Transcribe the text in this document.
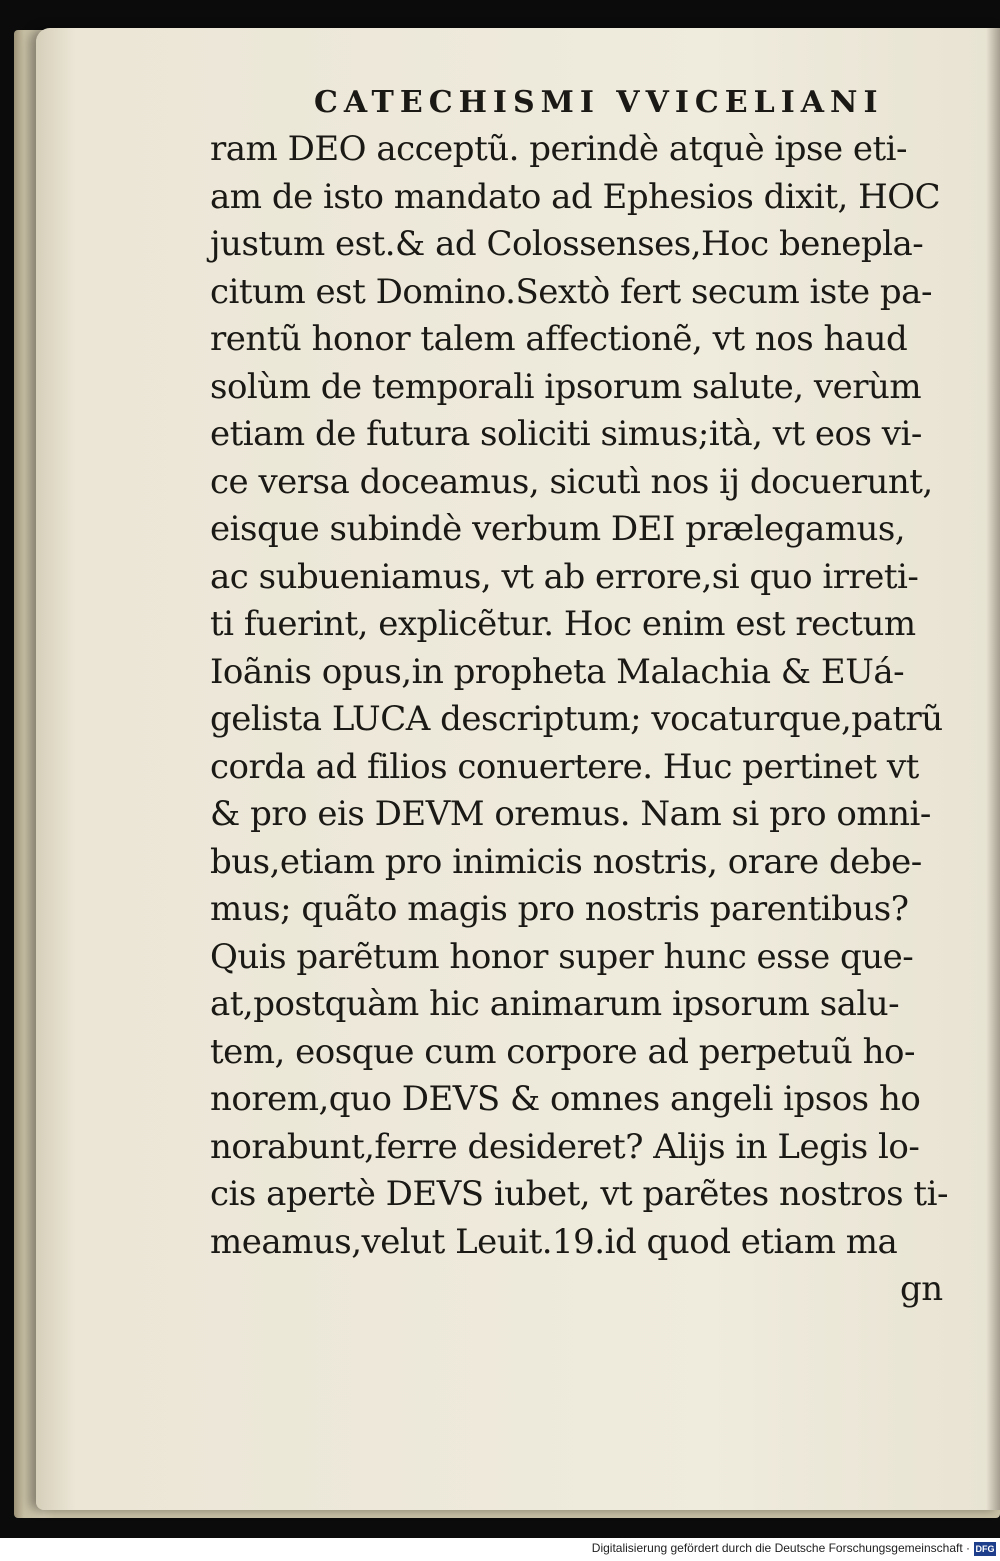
CATECHISMI VVICELIANI
ram DEO acceptũ. perindè atquè ipse eti-
am de isto mandato ad Ephesios dixit, HOC
justum est.& ad Colossenses,Hoc benepla-
citum est Domino.Sextò fert secum iste pa-
rentũ honor talem affectionẽ, vt nos haud
solùm de temporali ipsorum salute, verùm
etiam de futura soliciti simus;ità, vt eos vi-
ce versa doceamus, sicutì nos ij docuerunt,
eisque subindè verbum DEI prælegamus,
ac subueniamus, vt ab errore,si quo irreti-
ti fuerint, explicẽtur. Hoc enim est rectum
Ioãnis opus,in propheta Malachia & EUá-
gelista LUCA descriptum; vocaturque,patrũ
corda ad filios conuertere. Huc pertinet vt
& pro eis DEVM oremus. Nam si pro omni-
bus,etiam pro inimicis nostris, orare debe-
mus; quãto magis pro nostris parentibus?
Quis parẽtum honor super hunc esse que-
at,postquàm hic animarum ipsorum salu-
tem, eosque cum corpore ad perpetuũ ho-
norem,quo DEVS & omnes angeli ipsos ho
norabunt,ferre desideret? Alijs in Legis lo-
cis apertè DEVS iubet, vt parẽtes nostros ti-
meamus,velut Leuit.19.id quod etiam ma
gn
Digitalisierung gefördert durch die Deutsche Forschungsgemeinschaft · DFG
